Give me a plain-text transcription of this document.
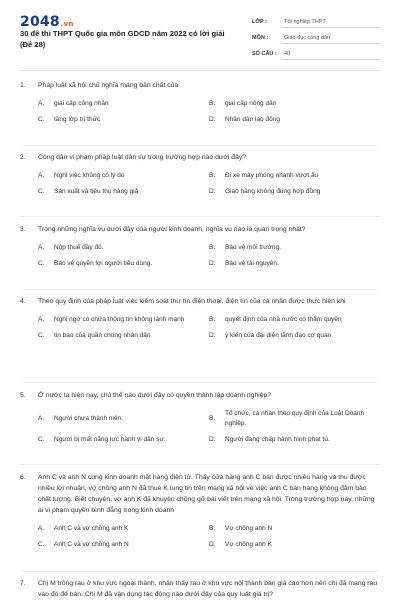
2048.vn
30 đề thi THPT Quốc gia môn GDCD năm 2022 có lời giải (Đề 28)
LỚP :	Tốt nghiệp THPT
MÔN :	Giáo dục công dân
SỐ CÂU :	40
1.	Pháp luật xã hội chủ nghĩa mang bản chất của
A.	giai cấp công nhân	B.	giai cấp nông dân
C.	tầng lớp trí thức	D.	Nhân dân lao động
2.	Công dân vi phạm pháp luật dân sự trong trường hợp nào dưới đây?
A.	Nghỉ việc không có lý do	B.	Đi xe máy phóng nhanh vượt ẩu
C.	Sản xuất và tiêu thụ hàng giả	D.	Giao hàng không đúng hợp đồng
3.	Trong những nghĩa vụ dưới đây của người kinh doanh, nghĩa vụ nào là quan trọng nhất?
A.	Nộp thuế đầy đủ.	B.	Bảo vệ môi trường.
C.	Bảo vệ quyền lợi người tiêu dùng.	D.	Bảo vệ tài nguyên.
4.	Theo quy định của pháp luật việc kiểm soát thư tín điện thoại, điện tín của cá nhân được thực hiện khi
A.	Nghi ngờ có chứa thông tin không lành mạnh	B.	quyết định của nhà nước có thẩm quyền
C.	tin báo của quần chúng nhân dân	D.	ý kiến của đại diện lãnh đạo cơ quan
5.	Ở nước ta hiện nay, chủ thể nào dưới đây có quyền thành lập doanh nghiệp?
A.	Người chưa thành niên.	B.
Tổ chức, cá nhân theo quy định của Luật Doanh nghiệp.
C.	Người bị mất năng lực hành vi dân sự.	D.	Người đang chấp hành hình phạt tù.
6.	Anh C và anh N cùng kinh doanh mặt hàng điện tử. Thấy cửa hàng anh C bán được nhiều hàng và thu được nhiều lợi nhuận, vợ chồng anh N đã thuê K tung tin trên mạng xã hội về việc anh C bán hàng không đảm bảo chất lượng. Biết chuyện, vợ anh K đã khuyên chồng gỡ bài viết trên mạng xã hội. Trong trường hợp này, những ai vi phạm quyền bình đẳng trong kinh doanh
A.	Anh C và vợ chồng anh K	B.	Vợ chồng anh N
C.	Anh C và vợ chồng anh N	D.	Vợ chồng anh K
7.	Chị M trồng rau ở khu vực ngoại thành, nhận thấy rau ở khu vực nội thành bán giá cao hơn nên chị đã mang rau vào đó để bán. Chị M đã vận dụng tác động nào dưới đây của quy luật giá trị?
